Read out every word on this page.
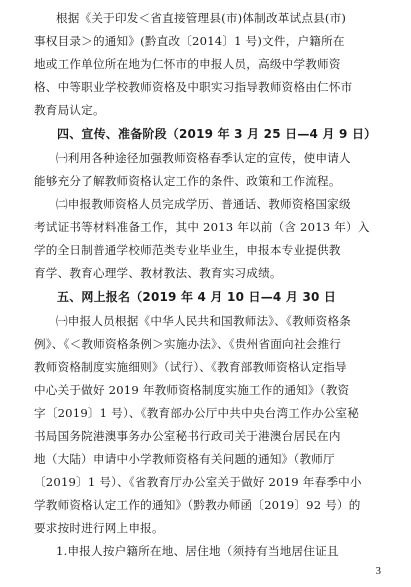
根据《关于印发＜省直接管理县(市)体制改革试点县(市)
事权目录＞的通知》(黔直改〔2014〕1 号)文件，户籍所在
地或工作单位所在地为仁怀市的申报人员，高级中学教师资
格、中等职业学校教师资格及中职实习指导教师资格由仁怀市
教育局认定。
四、宣传、准备阶段（2019 年 3 月 25 日—4 月 9 日）
㈠利用各种途径加强教师资格春季认定的宣传，使申请人
能够充分了解教师资格认定工作的条件、政策和工作流程。
㈡申报教师资格人员完成学历、普通话、教师资格国家级
考试证书等材料准备工作，其中 2013 年以前（含 2013 年）入
学的全日制普通学校师范类专业毕业生，申报本专业提供教
育学、教育心理学、教材教法、教育实习成绩。
五、网上报名（2019 年 4 月 10 日—4 月 30 日
㈠申报人员根据《中华人民共和国教师法》、《教师资格条
例》、《＜教师资格条例＞实施办法》、《贵州省面向社会推行
教师资格制度实施细则》（试行）、《教育部教师资格认定指导
中心关于做好 2019 年教师资格制度实施工作的通知》（教资
字〔2019〕1 号）、《教育部办公厅中共中央台湾工作办公室秘
书局国务院港澳事务办公室秘书行政司关于港澳台居民在内
地（大陆）申请中小学教师资格有关问题的通知》（教师厅
〔2019〕1 号）、《省教育厅办公室关于做好 2019 年春季中小
学教师资格认定工作的通知》（黔教办师函〔2019〕92 号）的
要求按时进行网上申报。
1.申报人按户籍所在地、居住地（须持有当地居住证且
3
